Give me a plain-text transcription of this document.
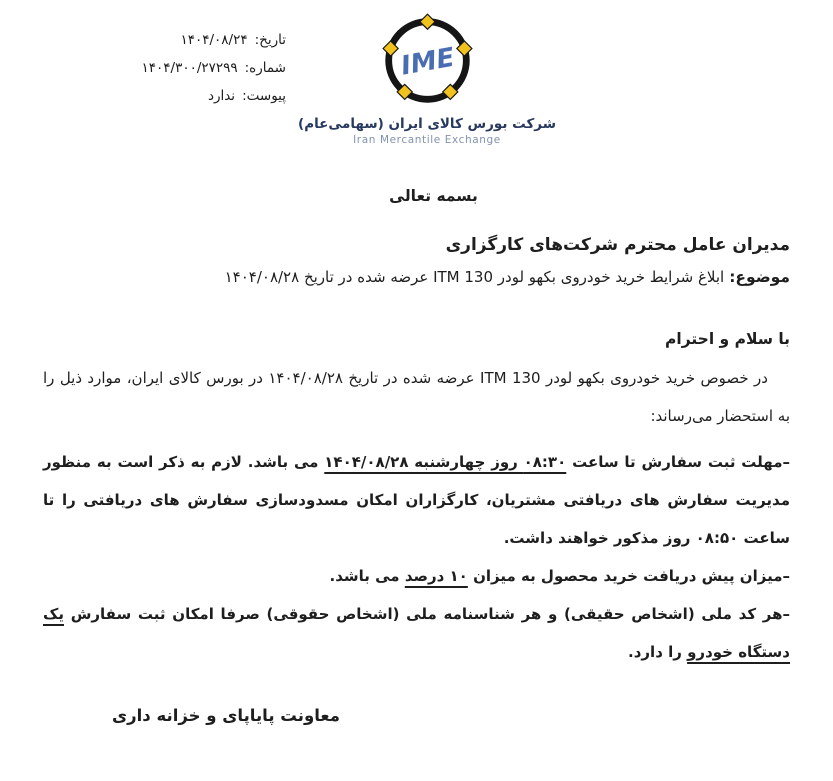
تاریخ:۱۴۰۴/۰۸/۲۴
شماره:۱۴۰۴/۳۰۰/۲۷۲۹۹
پیوست:ندارد
IME
شرکت بورس کالای ایران (سهامی‌عام)
Iran Mercantile Exchange
بسمه تعالی
مدیران عامل محترم شرکت‌های کارگزاری
موضوع:ابلاغ شرایط خرید خودروی بکهو لودر ITM 130 عرضه شده در تاریخ ۱۴۰۴/۰۸/۲۸
با سلام و احترام

در خصوص خرید خودروی بکهو لودر ITM 130 عرضه شده در تاریخ ۱۴۰۴/۰۸/۲۸ در بورس کالای ایران، موارد ذیل را به استحضار می‌رساند:

–مهلت ثبت سفارش تا ساعت ۰۸:۳۰ روز چهارشنبه ۱۴۰۴/۰۸/۲۸ می باشد. لازم به ذکر است به منظور مدیریت سفارش های دریافتی مشتریان، کارگزاران امکان مسدودسازی سفارش های دریافتی را تا ساعت ۰۸:۵۰ روز مذکور خواهند داشت.

–میزان پیش دریافت خرید محصول به میزان ۱۰ درصد می باشد.

–هر کد ملی (اشخاص حقیقی) و هر شناسنامه ملی (اشخاص حقوقی) صرفا امکان ثبت سفارش یک دستگاه خودرو را دارد.

معاونت پایاپای و خزانه داری
